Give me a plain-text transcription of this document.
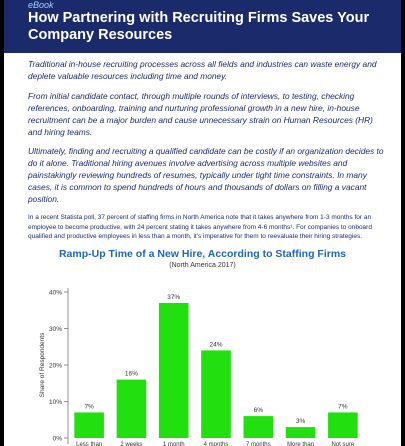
eBook
How Partnering with Recruiting Firms Saves Your Company Resources

Traditional in-house recruiting processes across all fields and industries can waste energy and deplete valuable resources including time and money.

From initial candidate contact, through multiple rounds of interviews, to testing, checking references, onboarding, training and nurturing professional growth in a new hire, in-house recruitment can be a major burden and cause unnecessary strain on Human Resources (HR) and hiring teams.

Ultimately, finding and recruiting a qualified candidate can be costly if an organization decides to do it alone. Traditional hiring avenues involve advertising across multiple websites and painstakingly reviewing hundreds of resumes, typically under tight time constraints. In many cases, it is common to spend hundreds of hours and thousands of dollars on filling a vacant position.

In a recent Statista poll, 37 percent of staffing firms in North America note that it takes anywhere from 1-3 months for an employee to become productive, with 24 percent stating it takes anywhere from 4-6 months¹. For companies to onboard qualified and productive employees in less than a month, it's imperative for them to reevaluate their hiring strategies.

Ramp-Up Time of a New Hire, According to Staffing Firms
(North America 2017)
0%
10%
20%
30%
40%
Share of Respondents
7%
16%
37%
24%
6%
3%
7%
Less than	2 weeks	1 month	4 months	7 months	More than	Not sure
